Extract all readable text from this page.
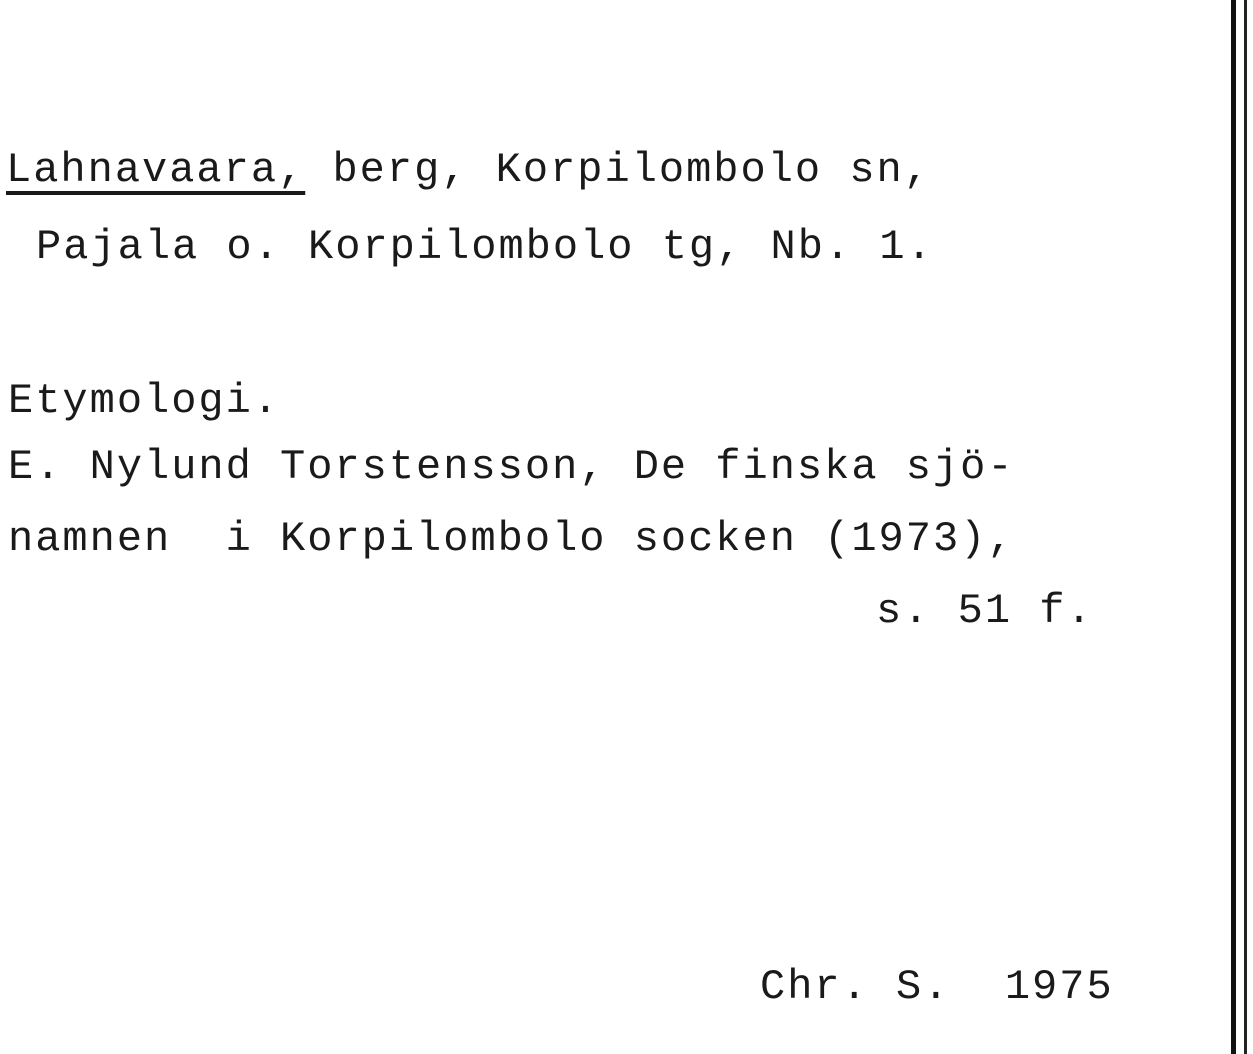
Lahnavaara, berg, Korpilombolo sn,
Pajala o. Korpilombolo tg, Nb. 1.
Etymologi.
E. Nylund Torstensson, De finska sjö-
namnen  i Korpilombolo socken (1973),
s. 51 f.
Chr. S.  1975
